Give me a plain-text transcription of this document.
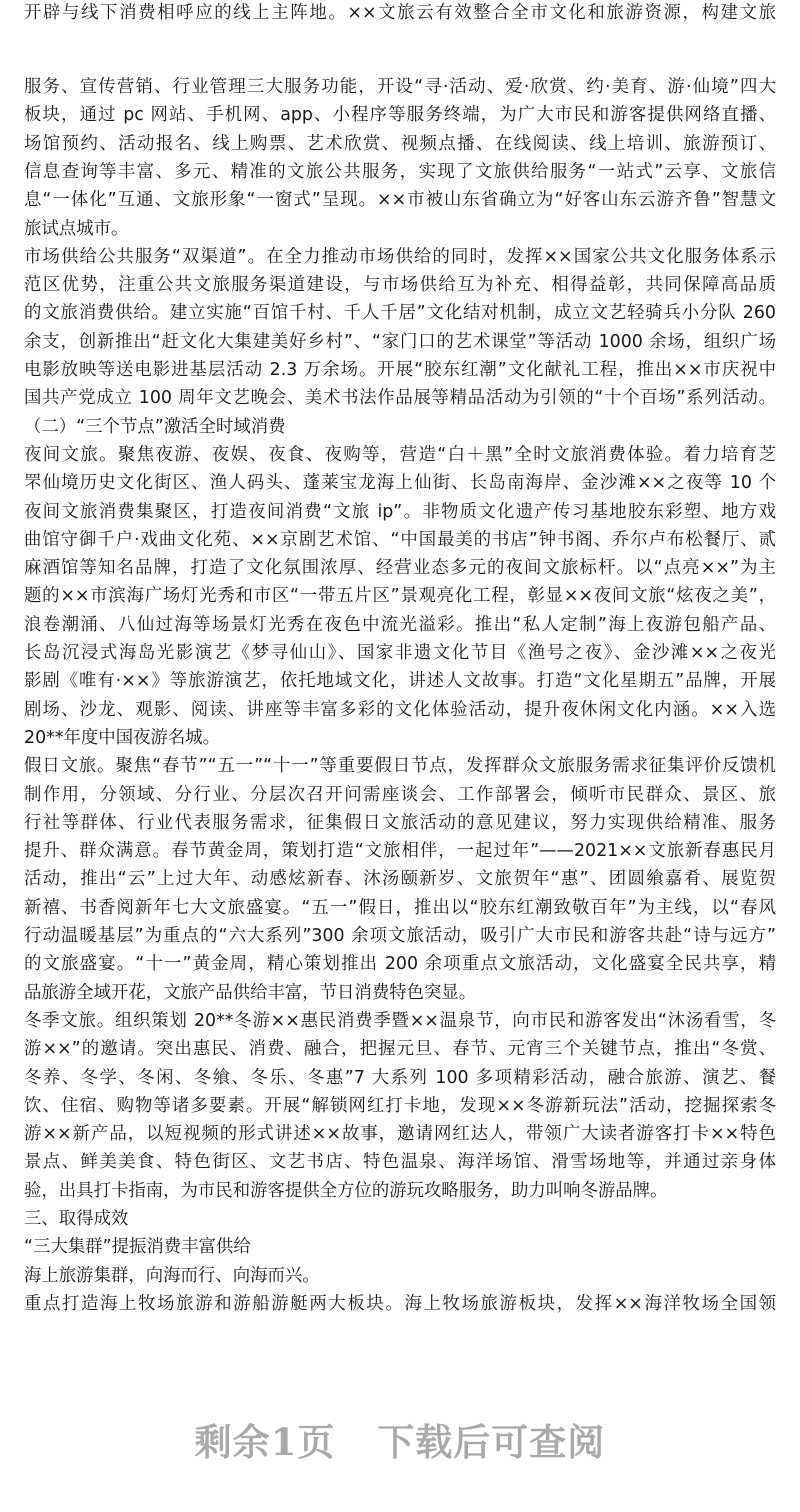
开辟与线下消费相呼应的线上主阵地。××文旅云有效整合全市文化和旅游资源，构建文旅
服务、宣传营销、行业管理三大服务功能，开设“寻·活动、爱·欣赏、约·美育、游·仙境”四大
板块，通过 pc 网站、手机网、app、小程序等服务终端，为广大市民和游客提供网络直播、
场馆预约、活动报名、线上购票、艺术欣赏、视频点播、在线阅读、线上培训、旅游预订、
信息查询等丰富、多元、精准的文旅公共服务，实现了文旅供给服务“一站式”云享、文旅信
息“一体化”互通、文旅形象“一窗式”呈现。××市被山东省确立为“好客山东云游齐鲁”智慧文
旅试点城市。
市场供给公共服务“双渠道”。在全力推动市场供给的同时，发挥××国家公共文化服务体系示
范区优势，注重公共文旅服务渠道建设，与市场供给互为补充、相得益彰，共同保障高品质
的文旅消费供给。建立实施“百馆千村、千人千居”文化结对机制，成立文艺轻骑兵小分队 260
余支，创新推出“赶文化大集建美好乡村”、“家门口的艺术课堂”等活动 1000 余场，组织广场
电影放映等送电影进基层活动 2.3 万余场。开展“胶东红潮”文化献礼工程，推出××市庆祝中
国共产党成立 100 周年文艺晚会、美术书法作品展等精品活动为引领的“十个百场”系列活动。
（二）“三个节点”激活全时域消费
夜间文旅。聚焦夜游、夜娱、夜食、夜购等，营造“白＋黑”全时文旅消费体验。着力培育芝
罘仙境历史文化街区、渔人码头、蓬莱宝龙海上仙街、长岛南海岸、金沙滩××之夜等 10 个
夜间文旅消费集聚区，打造夜间消费“文旅 ip”。非物质文化遗产传习基地胶东彩塑、地方戏
曲馆守御千户·戏曲文化苑、××京剧艺术馆、“中国最美的书店”钟书阁、乔尔卢布松餐厅、贰
麻酒馆等知名品牌，打造了文化氛围浓厚、经营业态多元的夜间文旅标杆。以“点亮××”为主
题的××市滨海广场灯光秀和市区“一带五片区”景观亮化工程，彰显××夜间文旅“炫夜之美”，
浪卷潮涌、八仙过海等场景灯光秀在夜色中流光溢彩。推出“私人定制”海上夜游包船产品、
长岛沉浸式海岛光影演艺《梦寻仙山》、国家非遗文化节目《渔号之夜》、金沙滩××之夜光
影剧《唯有·××》等旅游演艺，依托地域文化，讲述人文故事。打造“文化星期五”品牌，开展
剧场、沙龙、观影、阅读、讲座等丰富多彩的文化体验活动，提升夜休闲文化内涵。××入选
20**年度中国夜游名城。
假日文旅。聚焦“春节”“五一”“十一”等重要假日节点，发挥群众文旅服务需求征集评价反馈机
制作用，分领域、分行业、分层次召开问需座谈会、工作部署会，倾听市民群众、景区、旅
行社等群体、行业代表服务需求，征集假日文旅活动的意见建议，努力实现供给精准、服务
提升、群众满意。春节黄金周，策划打造“文旅相伴，一起过年”——2021××文旅新春惠民月
活动，推出“云”上过大年、动感炫新春、沐汤颐新岁、文旅贺年“惠”、团圆飨嘉肴、展览贺
新禧、书香阅新年七大文旅盛宴。“五一”假日，推出以“胶东红潮致敬百年”为主线，以“春风
行动温暖基层”为重点的“六大系列”300 余项文旅活动，吸引广大市民和游客共赴“诗与远方”
的文旅盛宴。“十一”黄金周，精心策划推出 200 余项重点文旅活动，文化盛宴全民共享，精
品旅游全域开花，文旅产品供给丰富，节日消费特色突显。
冬季文旅。组织策划 20**冬游××惠民消费季暨××温泉节，向市民和游客发出“沐汤看雪，冬
游××”的邀请。突出惠民、消费、融合，把握元旦、春节、元宵三个关键节点，推出“冬赏、
冬养、冬学、冬闲、冬飨、冬乐、冬惠”7 大系列 100 多项精彩活动，融合旅游、演艺、餐
饮、住宿、购物等诸多要素。开展“解锁网红打卡地，发现××冬游新玩法”活动，挖掘探索冬
游××新产品，以短视频的形式讲述××故事，邀请网红达人，带领广大读者游客打卡××特色
景点、鲜美美食、特色街区、文艺书店、特色温泉、海洋场馆、滑雪场地等，并通过亲身体
验，出具打卡指南，为市民和游客提供全方位的游玩攻略服务，助力叫响冬游品牌。
三、取得成效
“三大集群”提振消费丰富供给
海上旅游集群，向海而行、向海而兴。
重点打造海上牧场旅游和游船游艇两大板块。海上牧场旅游板块，发挥××海洋牧场全国领
剩余1页 下载后可查阅
